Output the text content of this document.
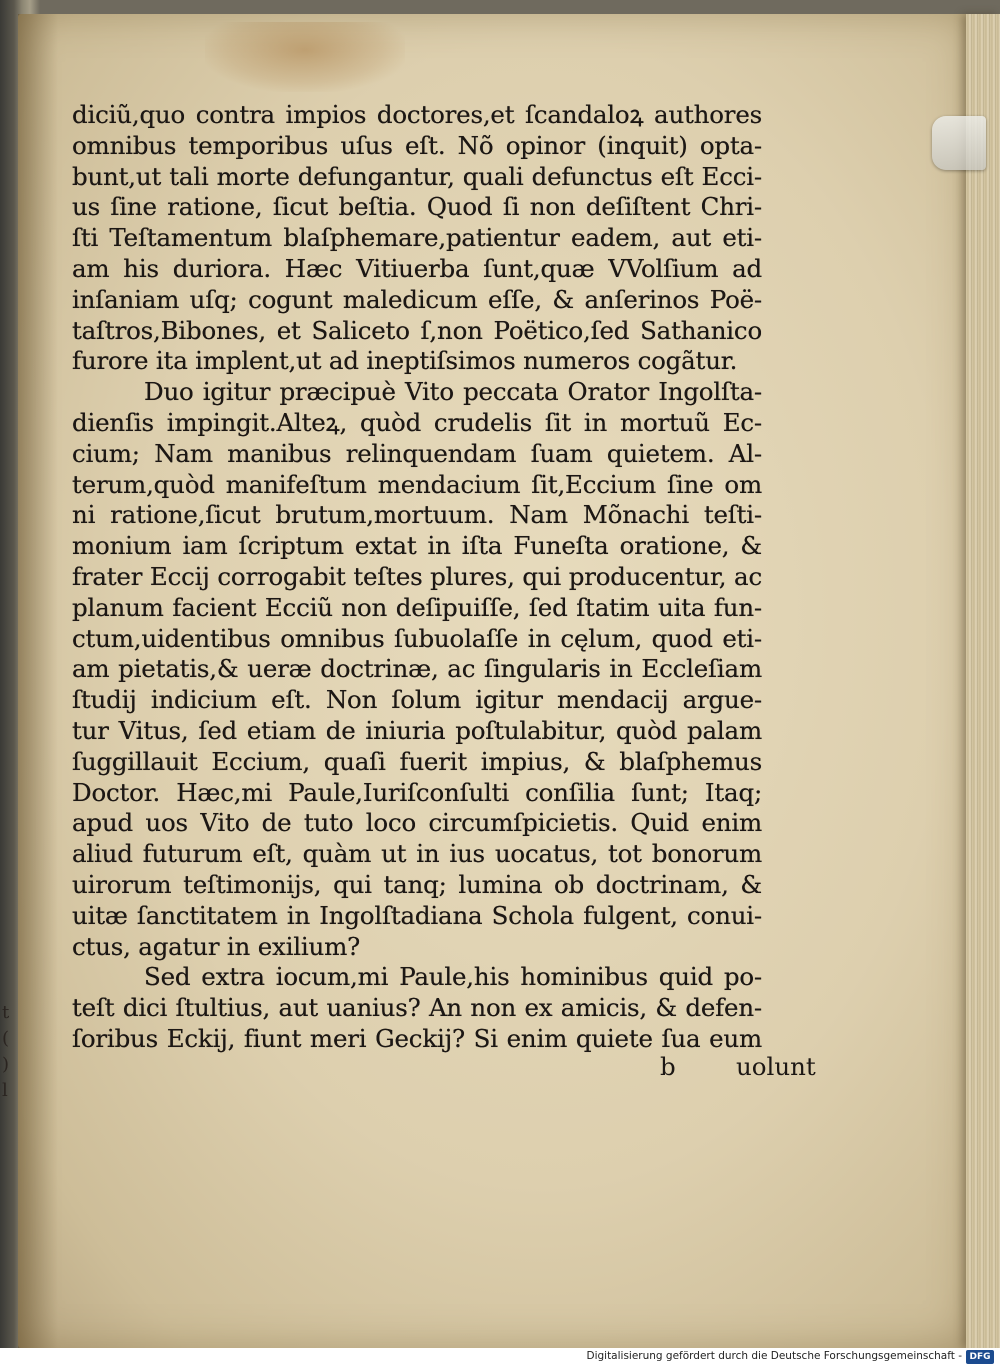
t
(
)
l
diciũ,quo contra impios doctores,et ſcandaloꝝ authores
omnibus temporibus uſus eſt. Nõ opinor (inquit) opta-
bunt,ut tali morte defungantur, quali defunctus eſt Ecci-
us ſine ratione, ſicut beſtia. Quod ſi non deſiſtent Chri-
ſti Teſtamentum blaſphemare,patientur eadem, aut eti-
am his duriora. Hæc Vitiuerba ſunt,quæ VVolſium ad
inſaniam uſq; cogunt maledicum eſſe, & anſerinos Poë-
taſtros,Bibones, et Saliceto ſ,non Poëtico,ſed Sathanico
furore ita implent,ut ad ineptiſsimos numeros cogãtur.
Duo igitur præcipuè Vito peccata Orator Ingolſta-
dienſis impingit.Alteꝝ, quòd crudelis ſit in mortuũ Ec-
cium; Nam manibus relinquendam ſuam quietem. Al-
terum,quòd manifeſtum mendacium ſit,Eccium ſine om
ni ratione,ſicut brutum,mortuum. Nam Mõnachi teſti-
monium iam ſcriptum extat in iſta Funeſta oratione, &
frater Eccij corrogabit teſtes plures, qui producentur, ac
planum facient Ecciũ non deſipuiſſe, ſed ſtatim uita fun-
ctum,uidentibus omnibus ſubuolaſſe in cęlum, quod eti-
am pietatis,& ueræ doctrinæ, ac ſingularis in Eccleſiam
ſtudij indicium eſt. Non ſolum igitur mendacij argue-
tur Vitus, ſed etiam de iniuria poſtulabitur, quòd palam
ſuggillauit Eccium, quaſi fuerit impius, & blaſphemus
Doctor. Hæc,mi Paule,Iuriſconſulti conſilia ſunt; Itaq;
apud uos Vito de tuto loco circumſpicietis. Quid enim
aliud futurum eſt, quàm ut in ius uocatus, tot bonorum
uirorum teſtimonijs, qui tanq; lumina ob doctrinam, &
uitæ ſanctitatem in Ingolſtadiana Schola fulgent, conui-
ctus, agatur in exilium?
Sed extra iocum,mi Paule,his hominibus quid po-
teſt dici ſtultius, aut uanius? An non ex amicis, & defen-
ſoribus Eckij, fiunt meri Geckij? Si enim quiete ſua eum
b uolunt
Digitalisierung gefördert durch die Deutsche Forschungsgemeinschaft - DFG
